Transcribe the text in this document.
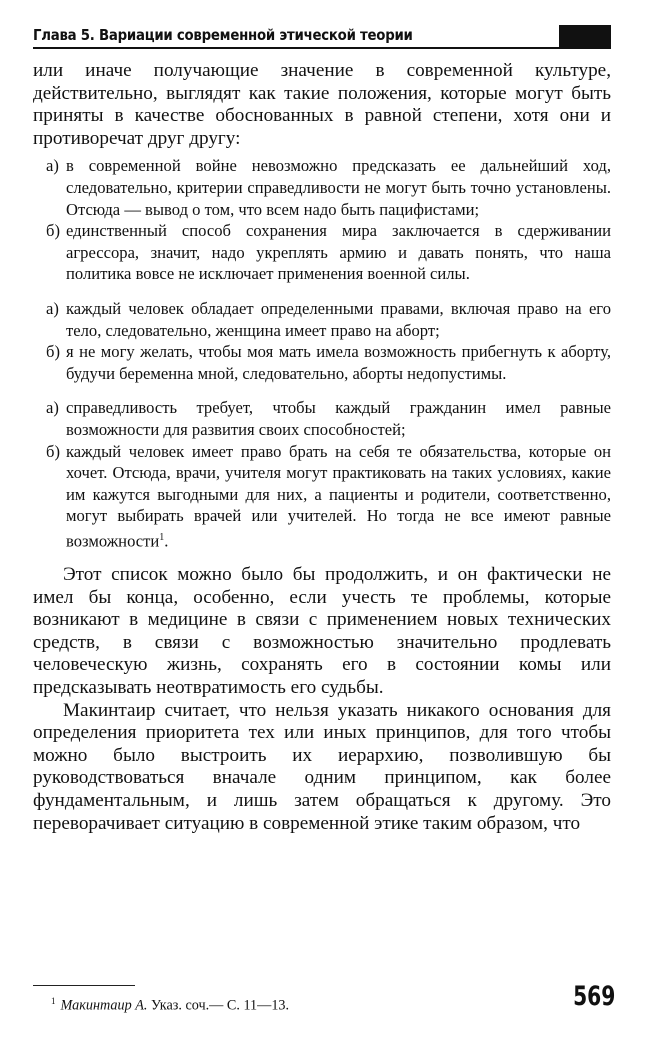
Глава 5. Вариации современной этической теории

или иначе получающие значение в современной культуре, действительно, выглядят как такие положения, которые могут быть приняты в качестве обоснованных в равной степени, хотя они и противоречат друг другу:

а) в современной войне невозможно предсказать ее дальнейший ход, следовательно, критерии справедливости не могут быть точно установлены. Отсюда — вывод о том, что всем надо быть пацифистами;
б) единственный способ сохранения мира заключается в сдерживании агрессора, значит, надо укреплять армию и давать понять, что наша политика вовсе не исключает применения военной силы.
а) каждый человек обладает определенными правами, включая право на его тело, следовательно, женщина имеет право на аборт;
б) я не могу желать, чтобы моя мать имела возможность прибегнуть к аборту, будучи беременна мной, следовательно, аборты недопустимы.
а) справедливость требует, чтобы каждый гражданин имел равные возможности для развития своих способностей;
б) каждый человек имеет право брать на себя те обязательства, которые он хочет. Отсюда, врачи, учителя могут практиковать на таких условиях, какие им кажутся выгодными для них, а пациенты и родители, соответственно, могут выбирать врачей или учителей. Но тогда не все имеют равные возможности$^1$.

Этот список можно было бы продолжить, и он фактически не имел бы конца, особенно, если учесть те проблемы, которые возникают в медицине в связи с применением новых технических средств, в связи с возможностью значительно продлевать человеческую жизнь, сохранять его в состоянии комы или предсказывать неотвратимость его судьбы.

Макинтаир считает, что нельзя указать никакого основания для определения приоритета тех или иных принципов, для того чтобы можно было выстроить их иерархию, позволившую бы руководствоваться вначале одним принципом, как более фундаментальным, и лишь затем обращаться к другому. Это переворачивает ситуацию в современной этике таким образом, что

$^1$ Макинтаир А. Указ. соч.— С. 11—13.	569
